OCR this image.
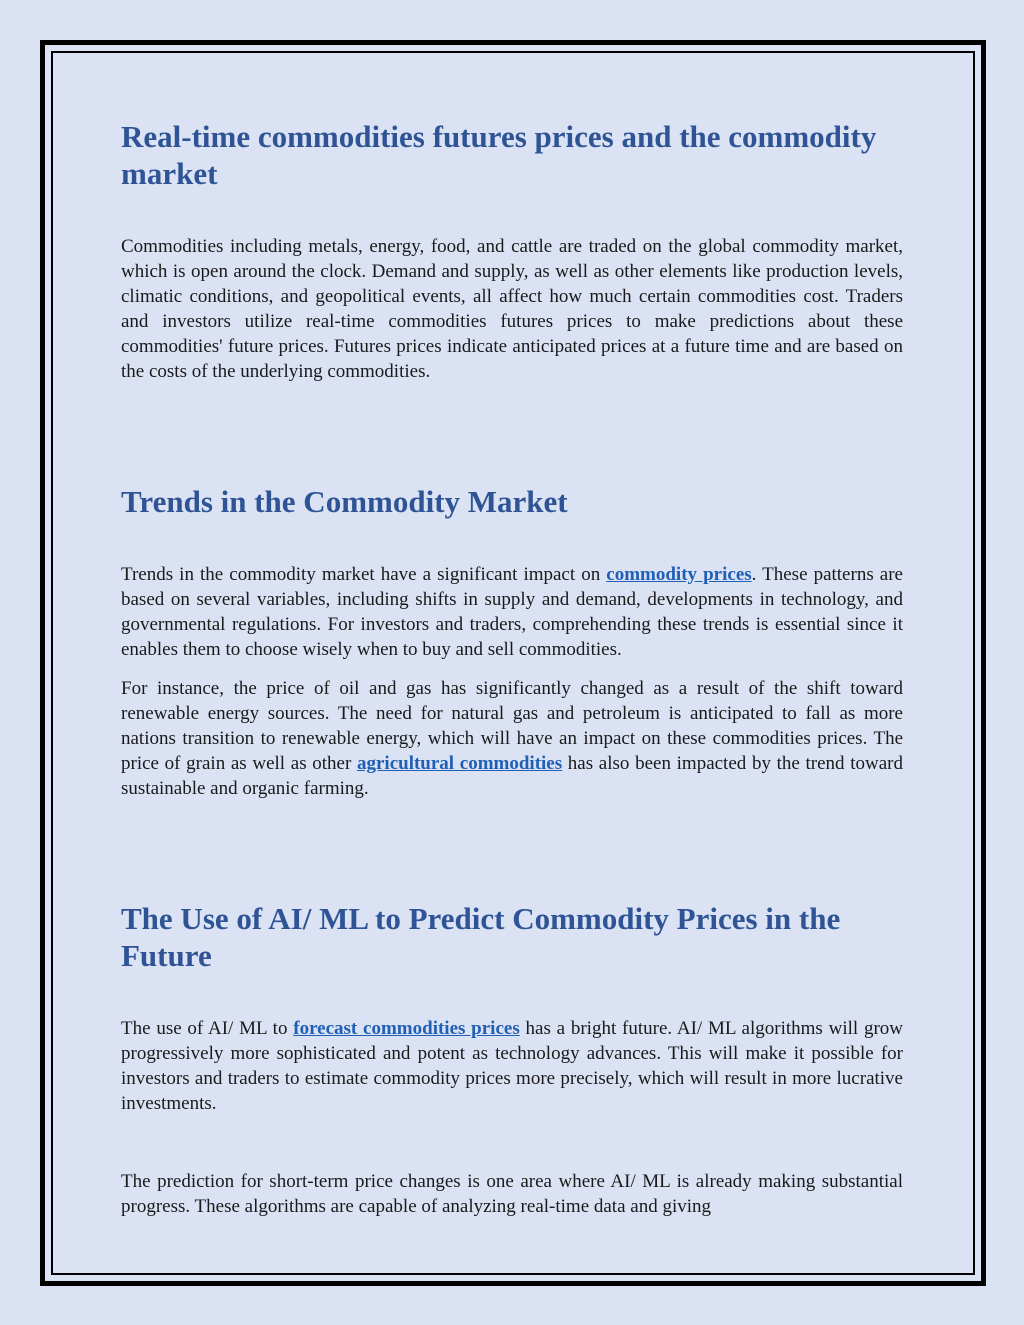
Real-time commodities futures prices and the commodity market

Commodities including metals, energy, food, and cattle are traded on the global commodity market, which is open around the clock. Demand and supply, as well as other elements like production levels, climatic conditions, and geopolitical events, all affect how much certain commodities cost. Traders and investors utilize real-time commodities futures prices to make predictions about these commodities' future prices. Futures prices indicate anticipated prices at a future time and are based on the costs of the underlying commodities.

Trends in the Commodity Market

Trends in the commodity market have a significant impact on commodity prices. These patterns are based on several variables, including shifts in supply and demand, developments in technology, and governmental regulations. For investors and traders, comprehending these trends is essential since it enables them to choose wisely when to buy and sell commodities.

For instance, the price of oil and gas has significantly changed as a result of the shift toward renewable energy sources. The need for natural gas and petroleum is anticipated to fall as more nations transition to renewable energy, which will have an impact on these commodities prices. The price of grain as well as other agricultural commodities has also been impacted by the trend toward sustainable and organic farming.

The Use of AI/ ML to Predict Commodity Prices in the Future

The use of AI/ ML to forecast commodities prices has a bright future. AI/ ML algorithms will grow progressively more sophisticated and potent as technology advances. This will make it possible for investors and traders to estimate commodity prices more precisely, which will result in more lucrative investments.

The prediction for short-term price changes is one area where AI/ ML is already making substantial progress. These algorithms are capable of analyzing real-time data and giving
